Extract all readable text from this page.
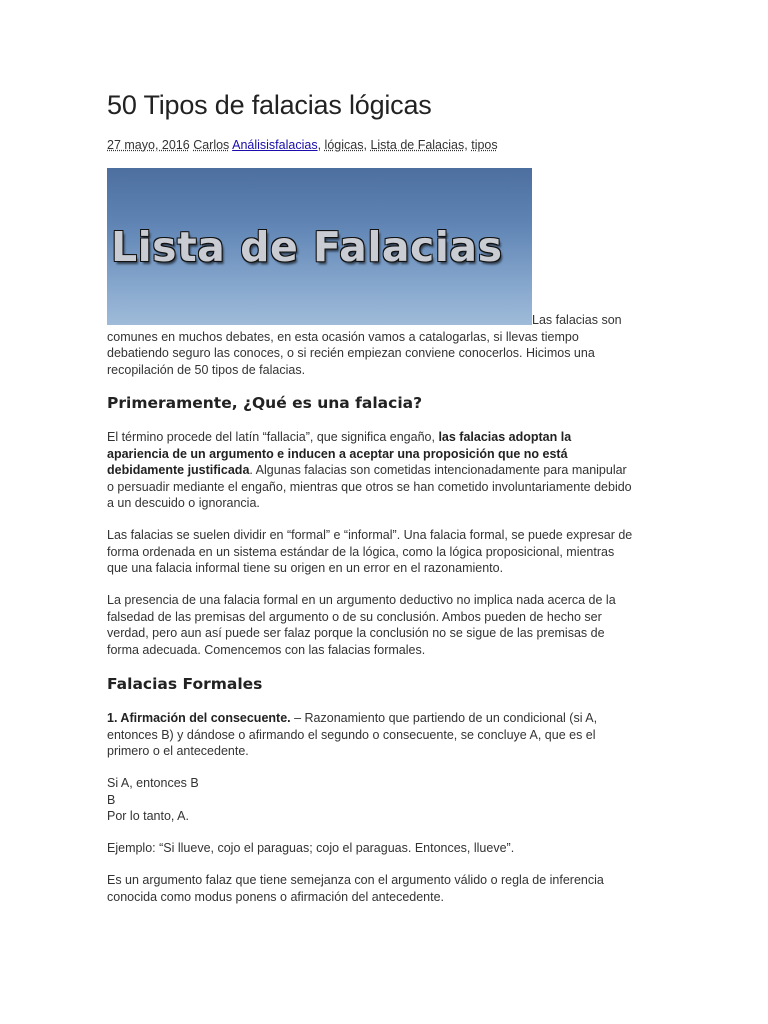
50 Tipos de falacias lógicas
27 mayo, 2016 Carlos Análisisfalacias, lógicas, Lista de Falacias, tipos
Lista de Falacias
Las falacias son
comunes en muchos debates, en esta ocasión vamos a catalogarlas, si llevas tiempo
debatiendo seguro las conoces, o si recién empiezan conviene conocerlos. Hicimos una
recopilación de 50 tipos de falacias.
Primeramente, ¿Qué es una falacia?
El término procede del latín “fallacia”, que significa engaño, las falacias adoptan la
apariencia de un argumento e inducen a aceptar una proposición que no está
debidamente justificada. Algunas falacias son cometidas intencionadamente para manipular
o persuadir mediante el engaño, mientras que otros se han cometido involuntariamente debido
a un descuido o ignorancia.
Las falacias se suelen dividir en “formal” e “informal”. Una falacia formal, se puede expresar de
forma ordenada en un sistema estándar de la lógica, como la lógica proposicional, mientras
que una falacia informal tiene su origen en un error en el razonamiento.
La presencia de una falacia formal en un argumento deductivo no implica nada acerca de la
falsedad de las premisas del argumento o de su conclusión. Ambos pueden de hecho ser
verdad, pero aun así puede ser falaz porque la conclusión no se sigue de las premisas de
forma adecuada. Comencemos con las falacias formales.
Falacias Formales
1. Afirmación del consecuente. – Razonamiento que partiendo de un condicional (si A,
entonces B) y dándose o afirmando el segundo o consecuente, se concluye A, que es el
primero o el antecedente.
Si A, entonces B
B
Por lo tanto, A.
Ejemplo: “Si llueve, cojo el paraguas; cojo el paraguas. Entonces, llueve”.
Es un argumento falaz que tiene semejanza con el argumento válido o regla de inferencia
conocida como modus ponens o afirmación del antecedente.
